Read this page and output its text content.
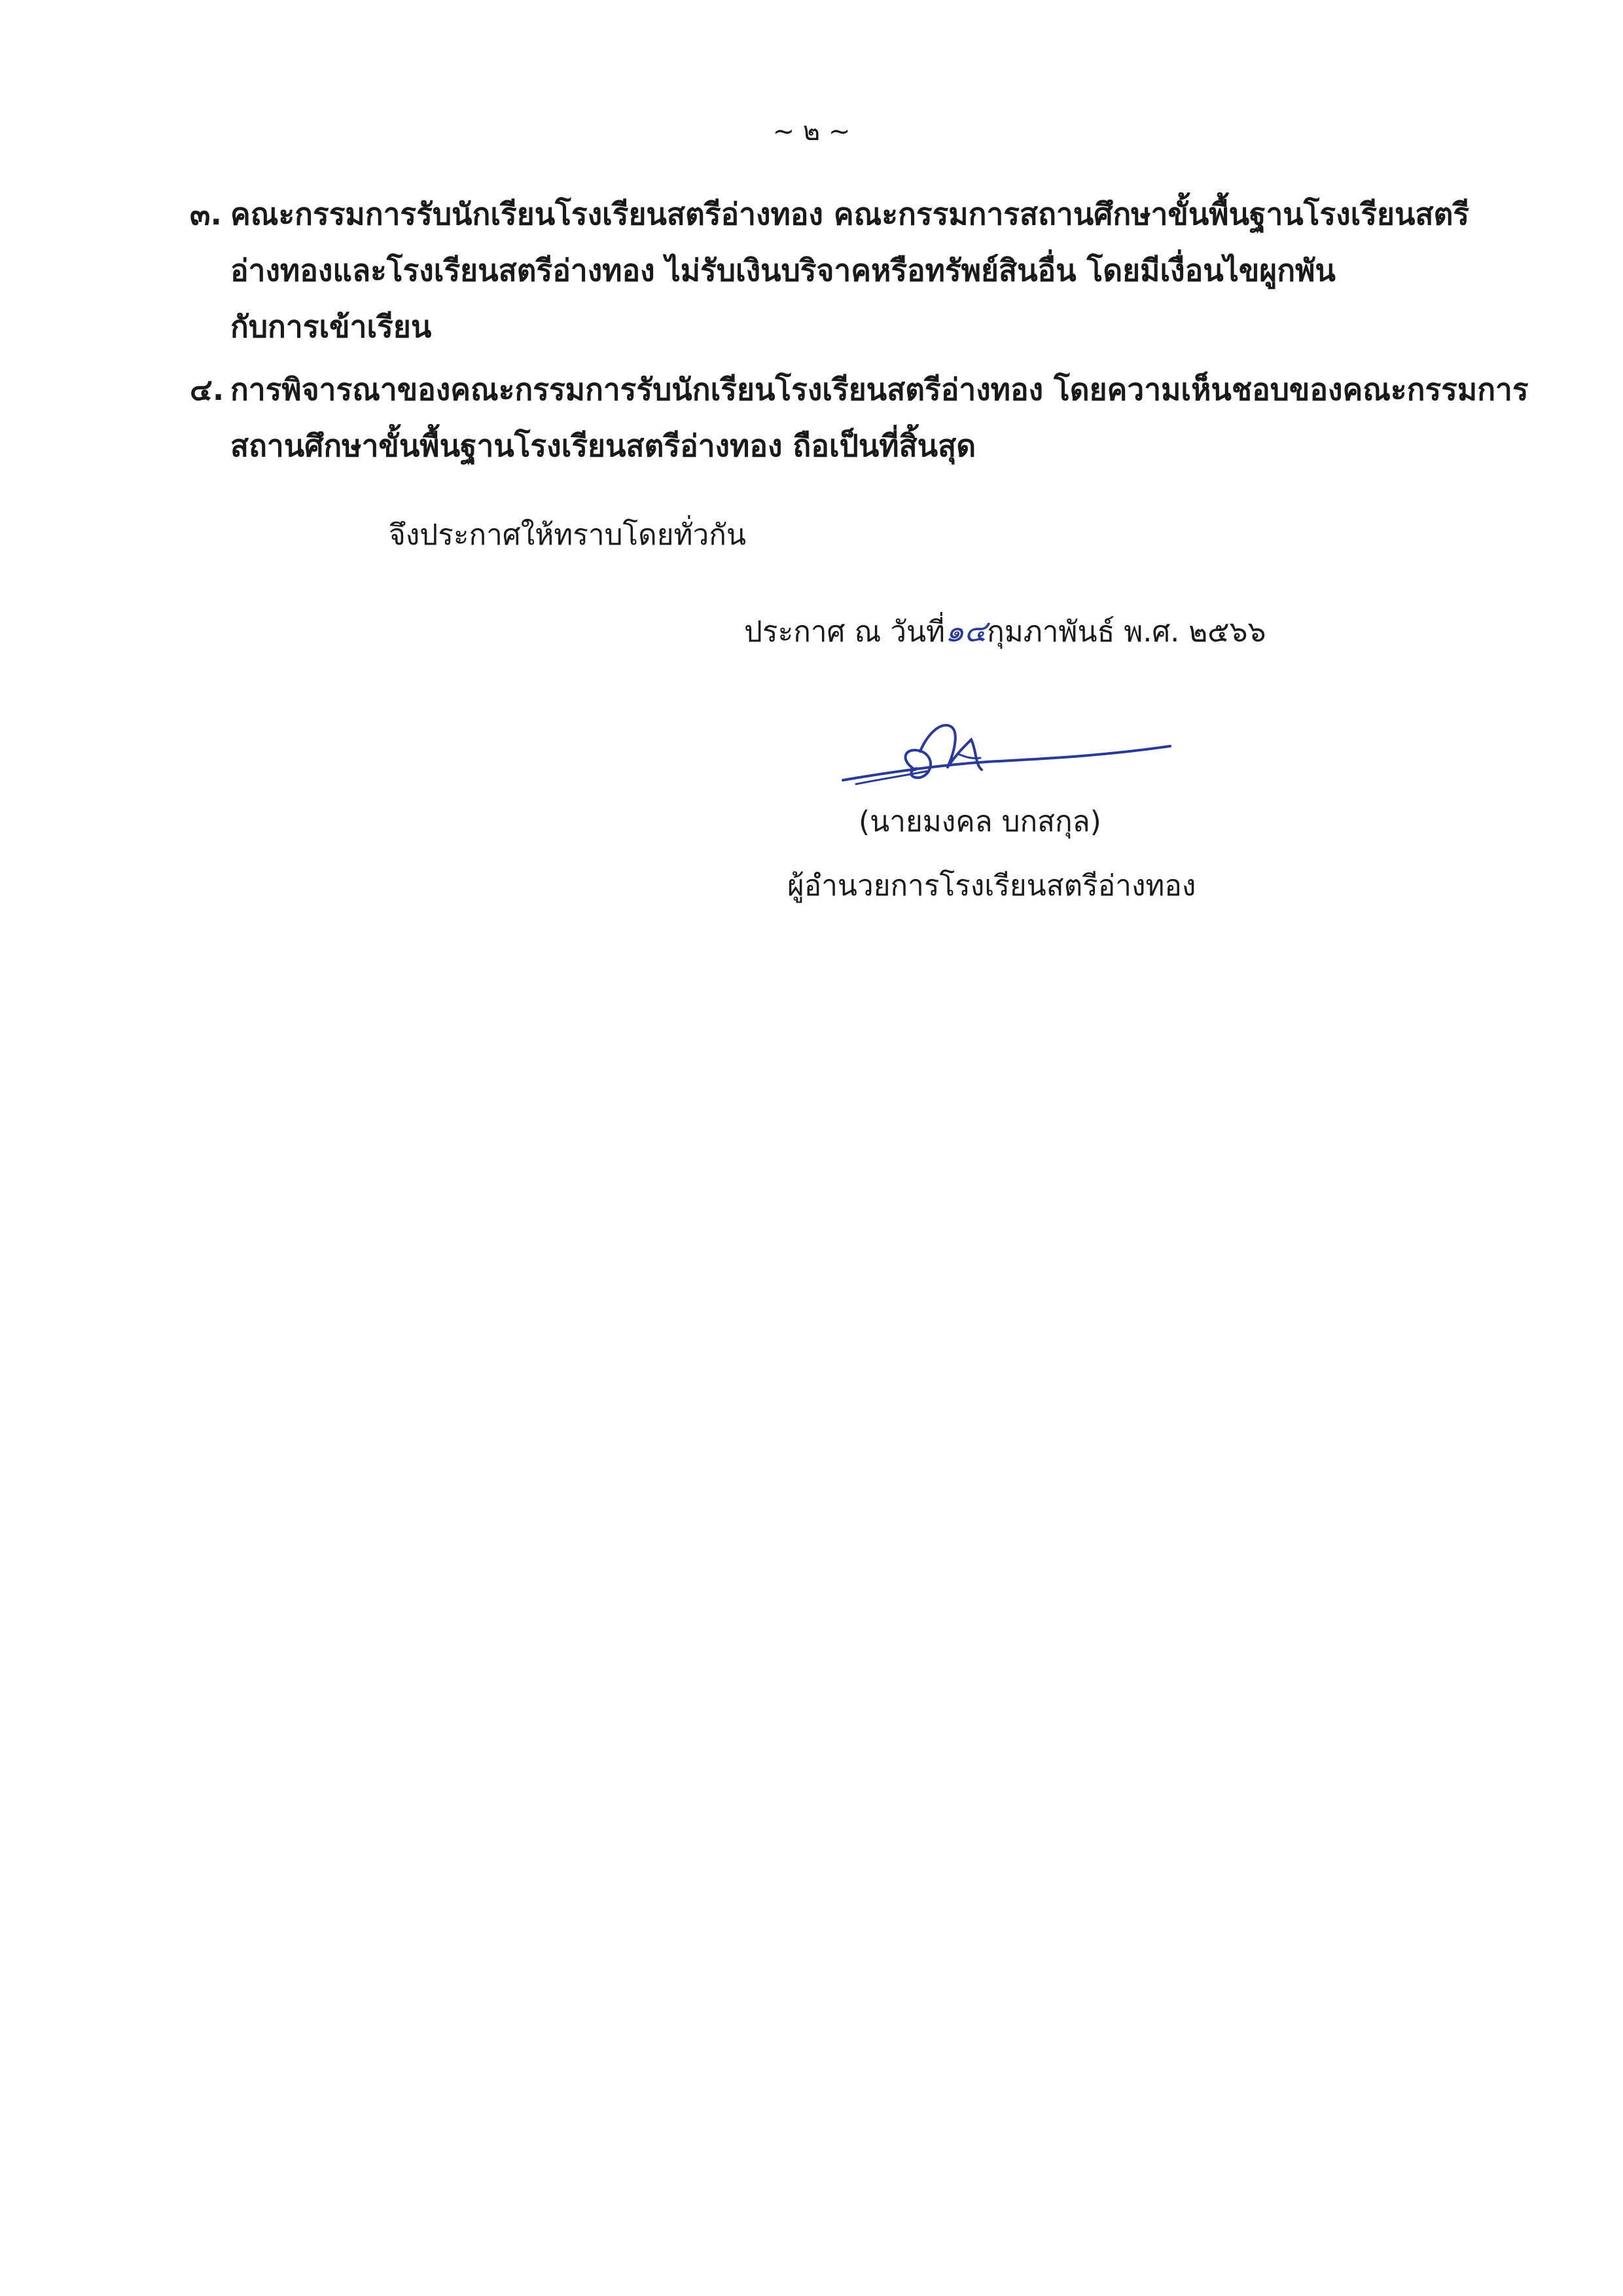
~ ๒ ~
๓. คณะกรรมการรับนักเรียนโรงเรียนสตรีอ่างทอง คณะกรรมการสถานศึกษาขั้นพื้นฐานโรงเรียนสตรี
อ่างทองและโรงเรียนสตรีอ่างทอง ไม่รับเงินบริจาคหรือทรัพย์สินอื่น โดยมีเงื่อนไขผูกพัน
กับการเข้าเรียน
๔. การพิจารณาของคณะกรรมการรับนักเรียนโรงเรียนสตรีอ่างทอง โดยความเห็นชอบของคณะกรรมการ
สถานศึกษาขั้นพื้นฐานโรงเรียนสตรีอ่างทอง ถือเป็นที่สิ้นสุด
จึงประกาศให้ทราบโดยทั่วกัน
ประกาศ ณ วันที่๑๔กุมภาพันธ์ พ.ศ. ๒๕๖๖
(นายมงคล บกสกุล)
ผู้อำนวยการโรงเรียนสตรีอ่างทอง
